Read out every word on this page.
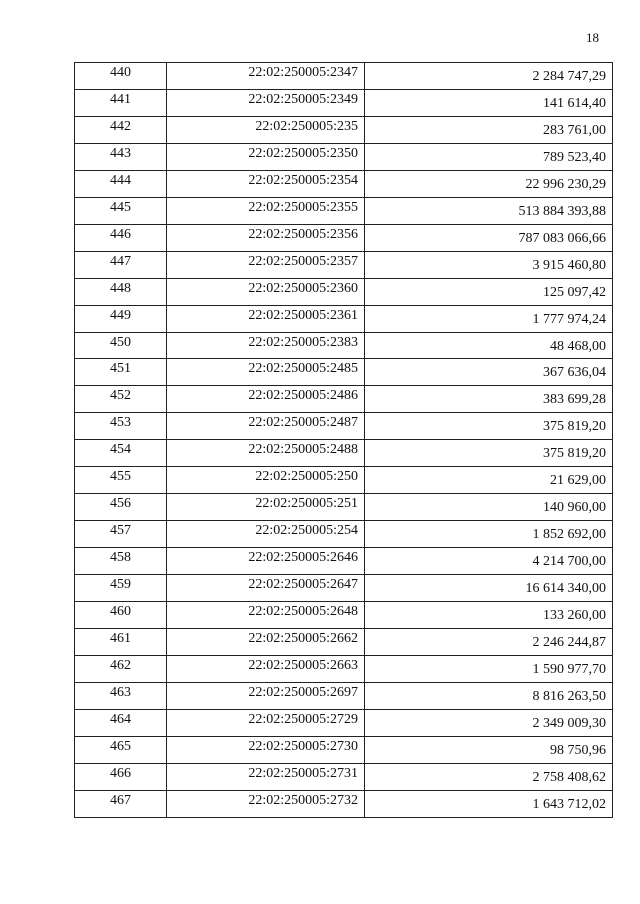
18
440	22:02:250005:2347	2 284 747,29
441	22:02:250005:2349	141 614,40
442	22:02:250005:235	283 761,00
443	22:02:250005:2350	789 523,40
444	22:02:250005:2354	22 996 230,29
445	22:02:250005:2355	513 884 393,88
446	22:02:250005:2356	787 083 066,66
447	22:02:250005:2357	3 915 460,80
448	22:02:250005:2360	125 097,42
449	22:02:250005:2361	1 777 974,24
450	22:02:250005:2383	48 468,00
451	22:02:250005:2485	367 636,04
452	22:02:250005:2486	383 699,28
453	22:02:250005:2487	375 819,20
454	22:02:250005:2488	375 819,20
455	22:02:250005:250	21 629,00
456	22:02:250005:251	140 960,00
457	22:02:250005:254	1 852 692,00
458	22:02:250005:2646	4 214 700,00
459	22:02:250005:2647	16 614 340,00
460	22:02:250005:2648	133 260,00
461	22:02:250005:2662	2 246 244,87
462	22:02:250005:2663	1 590 977,70
463	22:02:250005:2697	8 816 263,50
464	22:02:250005:2729	2 349 009,30
465	22:02:250005:2730	98 750,96
466	22:02:250005:2731	2 758 408,62
467	22:02:250005:2732	1 643 712,02
